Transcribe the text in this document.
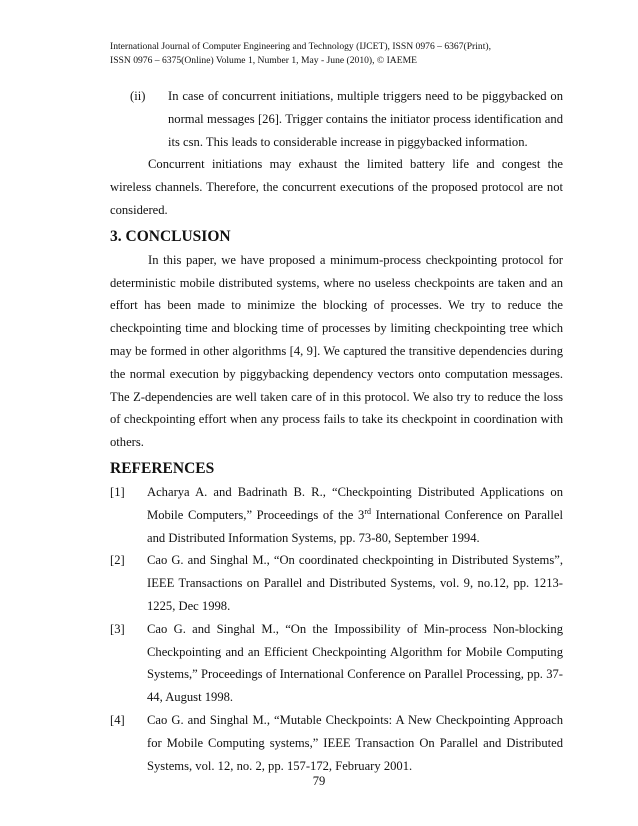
International Journal of Computer Engineering and Technology (IJCET), ISSN 0976 – 6367(Print),
ISSN 0976 – 6375(Online) Volume 1, Number 1, May - June (2010), © IAEME
(ii)	In case of concurrent initiations, multiple triggers need to be piggybacked on normal messages [26]. Trigger contains the initiator process identification and its csn. This leads to considerable increase in piggybacked information.

Concurrent initiations may exhaust the limited battery life and congest the wireless channels. Therefore, the concurrent executions of the proposed protocol are not considered.

3. CONCLUSION

In this paper, we have proposed a minimum-process checkpointing protocol for deterministic mobile distributed systems, where no useless checkpoints are taken and an effort has been made to minimize the blocking of processes. We try to reduce the checkpointing time and blocking time of processes by limiting checkpointing tree which may be formed in other algorithms [4, 9]. We captured the transitive dependencies during the normal execution by piggybacking dependency vectors onto computation messages. The Z-dependencies are well taken care of in this protocol. We also try to reduce the loss of checkpointing effort when any process fails to take its checkpoint in coordination with others.

REFERENCES
[1]	Acharya A. and Badrinath B. R., “Checkpointing Distributed Applications on Mobile Computers,” Proceedings of the 3rd International Conference on Parallel and Distributed Information Systems, pp. 73-80, September 1994.
[2]	Cao G. and Singhal M., “On coordinated checkpointing in Distributed Systems”, IEEE Transactions on Parallel and Distributed Systems, vol. 9, no.12, pp. 1213-1225, Dec 1998.
[3]	Cao G. and Singhal M., “On the Impossibility of Min-process Non-blocking Checkpointing and an Efficient Checkpointing Algorithm for Mobile Computing Systems,” Proceedings of International Conference on Parallel Processing, pp. 37-44, August 1998.
[4]	Cao G. and Singhal M., “Mutable Checkpoints: A New Checkpointing Approach for Mobile Computing systems,” IEEE Transaction On Parallel and Distributed Systems, vol. 12, no. 2, pp. 157-172, February 2001.
79
